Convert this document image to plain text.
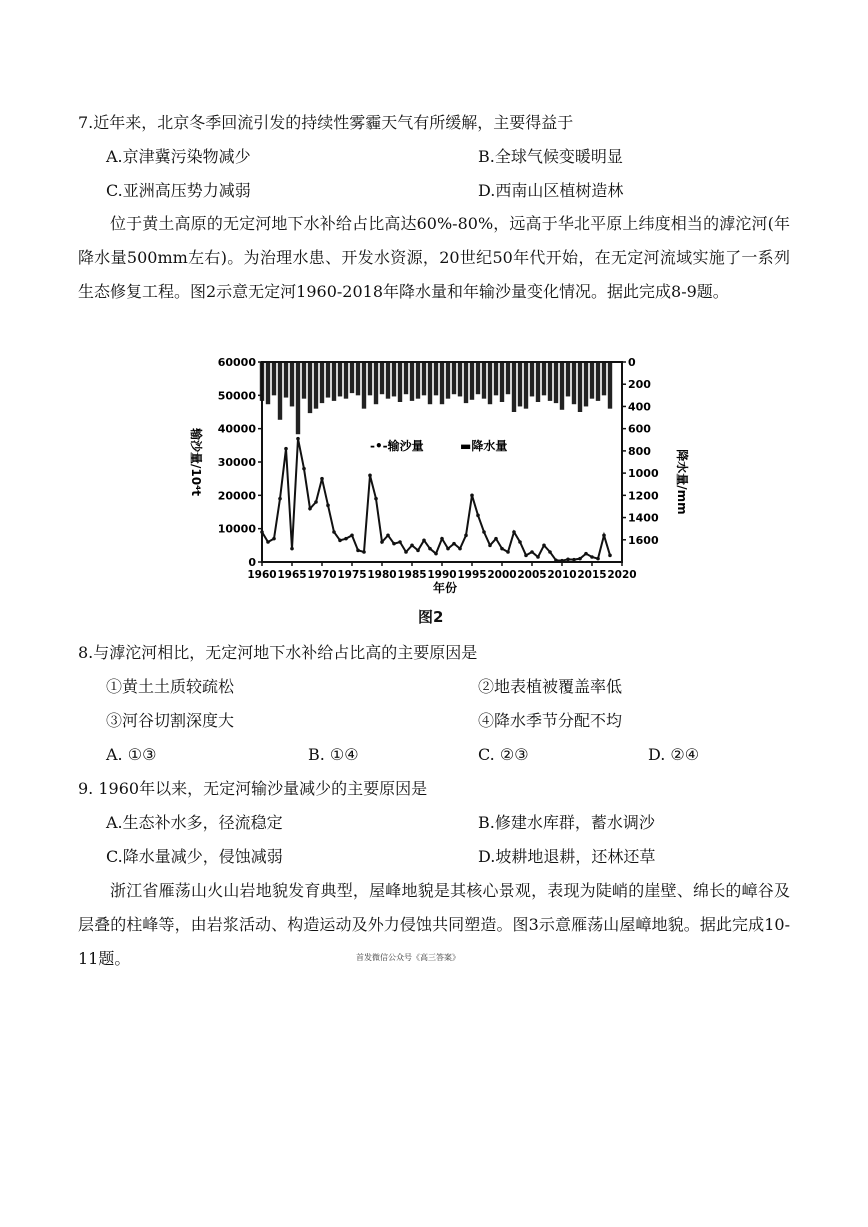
7.近年来，北京冬季回流引发的持续性雾霾天气有所缓解，主要得益于
A.京津冀污染物减少	B.全球气候变暖明显
C.亚洲高压势力减弱	D.西南山区植树造林
位于黄土高原的无定河地下水补给占比高达60%-80%，远高于华北平原上纬度相当的滹沱河(年降水量500mm左右)。为治理水患、开发水资源，20世纪50年代开始，在无定河流域实施了一系列生态修复工程。图2示意无定河1960-2018年降水量和年输沙量变化情况。据此完成8-9题。
1960 1965 1970 1975 1980 1985 1990 1995 2000 2005 2010 2015 2020
0
10000
20000
30000
40000
50000
60000	0
200
400
600
800
1000
1200
1400
1600
-•-输沙量	▬降水量
年份
输沙量/10⁴t	降水量/mm
图2
8.与滹沱河相比，无定河地下水补给占比高的主要原因是
①黄土土质较疏松	②地表植被覆盖率低
③河谷切割深度大	④降水季节分配不均
A. ①③	B. ①④	C. ②③	D. ②④
9. 1960年以来，无定河输沙量减少的主要原因是
A.生态补水多，径流稳定	B.修建水库群，蓄水调沙
C.降水量减少，侵蚀减弱	D.坡耕地退耕，还林还草
浙江省雁荡山火山岩地貌发育典型，屋峰地貌是其核心景观，表现为陡峭的崖壁、绵长的嶂谷及层叠的柱峰等，由岩浆活动、构造运动及外力侵蚀共同塑造。图3示意雁荡山屋嶂地貌。据此完成10-11题。	首发微信公众号《高三答案》
